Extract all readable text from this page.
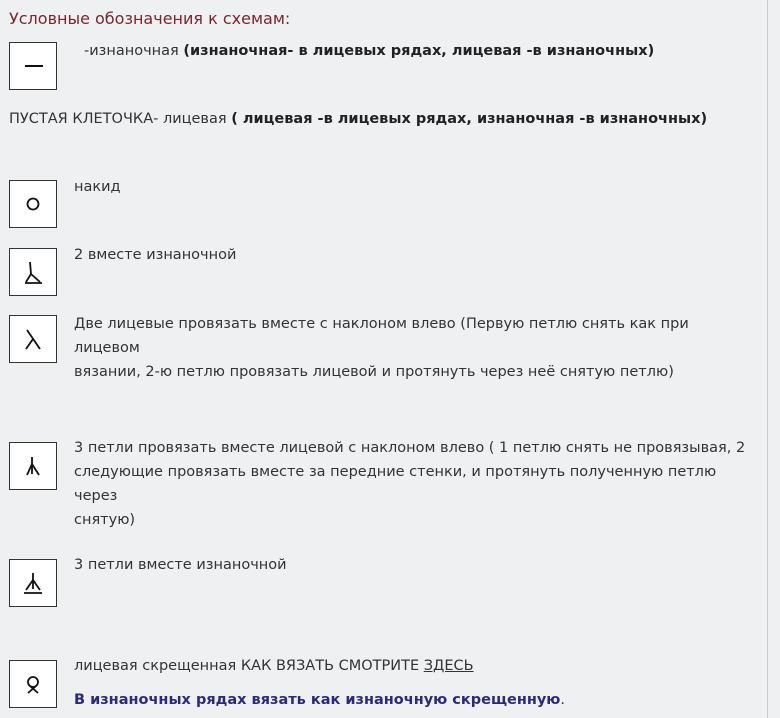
Условные обозначения к схемам:
-изнаночная (изнаночная- в лицевых рядах, лицевая -в изнаночных)
ПУСТАЯ КЛЕТОЧКА- лицевая ( лицевая -в лицевых рядах, изнаночная -в изнаночных)
накид
2 вместе изнаночной
Две лицевые провязать вместе с наклоном влево (Первую петлю снять как при лицевом
вязании, 2-ю петлю провязать лицевой и протянуть через неё снятую петлю)
3 петли провязать вместе лицевой с наклоном влево ( 1 петлю снять не провязывая, 2
следующие провязать вместе за передние стенки, и протянуть полученную петлю через
снятую)
3 петли вместе изнаночной
лицевая скрещенная КАК ВЯЗАТЬ СМОТРИТЕ ЗДЕСЬ
В изнаночных рядах вязать как изнаночную скрещенную.
